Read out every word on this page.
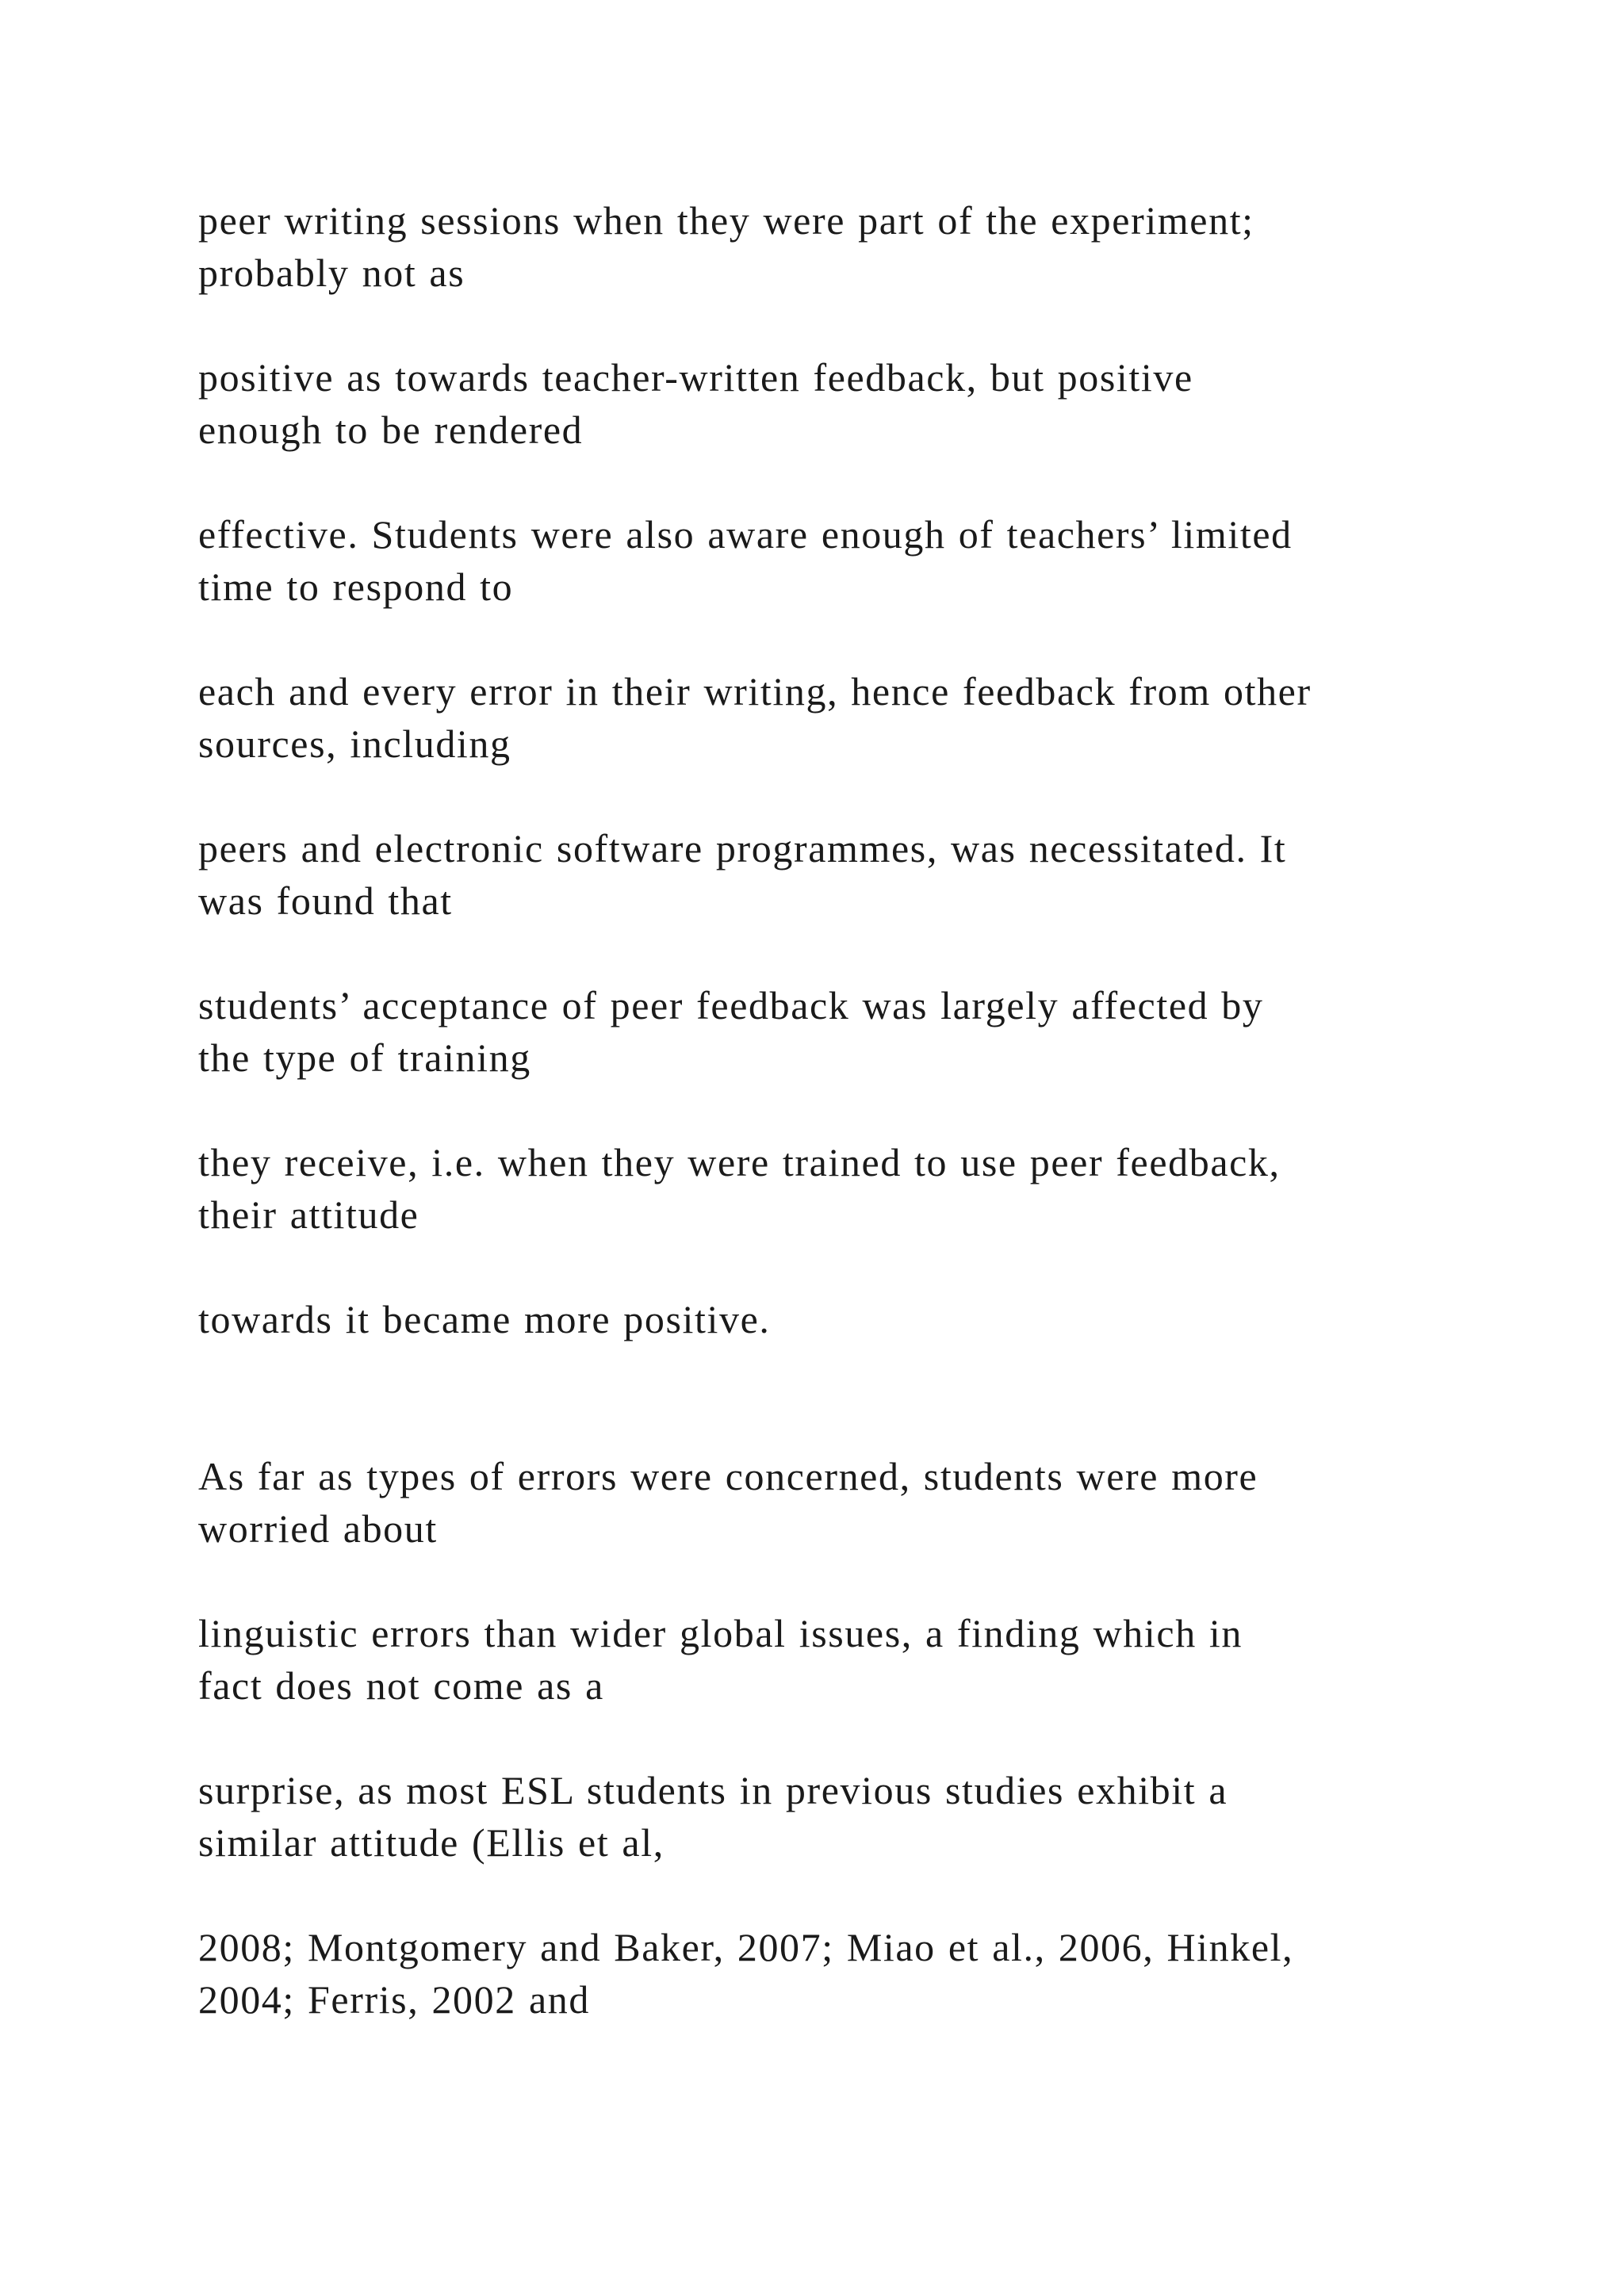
peer writing sessions when they were part of the experiment;
probably not as

positive as towards teacher-written feedback, but positive
enough to be rendered

effective. Students were also aware enough of teachers’ limited
time to respond to

each and every error in their writing, hence feedback from other
sources, including

peers and electronic software programmes, was necessitated. It
was found that

students’ acceptance of peer feedback was largely affected by
the type of training

they receive, i.e. when they were trained to use peer feedback,
their attitude

towards it became more positive.

As far as types of errors were concerned, students were more
worried about

linguistic errors than wider global issues, a finding which in
fact does not come as a

surprise, as most ESL students in previous studies exhibit a
similar attitude (Ellis et al,

2008; Montgomery and Baker, 2007; Miao et al., 2006, Hinkel,
2004; Ferris, 2002 and
